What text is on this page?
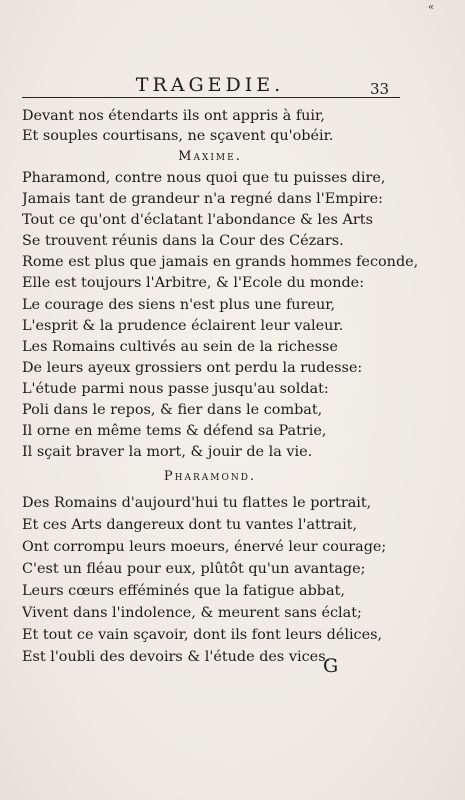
«
TRAGEDIE.	33
Devant nos étendarts ils ont appris à fuir,
Et souples courtisans, ne sçavent qu'obéir.
Maxime.
Pharamond, contre nous quoi que tu puisses dire,
Jamais tant de grandeur n'a regné dans l'Empire:
Tout ce qu'ont d'éclatant l'abondance & les Arts
Se trouvent réunis dans la Cour des Cézars.
Rome est plus que jamais en grands hommes feconde,
Elle est toujours l'Arbitre, & l'Ecole du monde:
Le courage des siens n'est plus une fureur,
L'esprit & la prudence éclairent leur valeur.
Les Romains cultivés au sein de la richesse
De leurs ayeux grossiers ont perdu la rudesse:
L'étude parmi nous passe jusqu'au soldat:
Poli dans le repos, & fier dans le combat,
Il orne en même tems & défend sa Patrie,
Il sçait braver la mort, & jouir de la vie.
Pharamond.
Des Romains d'aujourd'hui tu flattes le portrait,
Et ces Arts dangereux dont tu vantes l'attrait,
Ont corrompu leurs moeurs, énervé leur courage;
C'est un fléau pour eux, plûtôt qu'un avantage;
Leurs cœurs efféminés que la fatigue abbat,
Vivent dans l'indolence, & meurent sans éclat;
Et tout ce vain sçavoir, dont ils font leurs délices,
Est l'oubli des devoirs & l'étude des vices.
G
